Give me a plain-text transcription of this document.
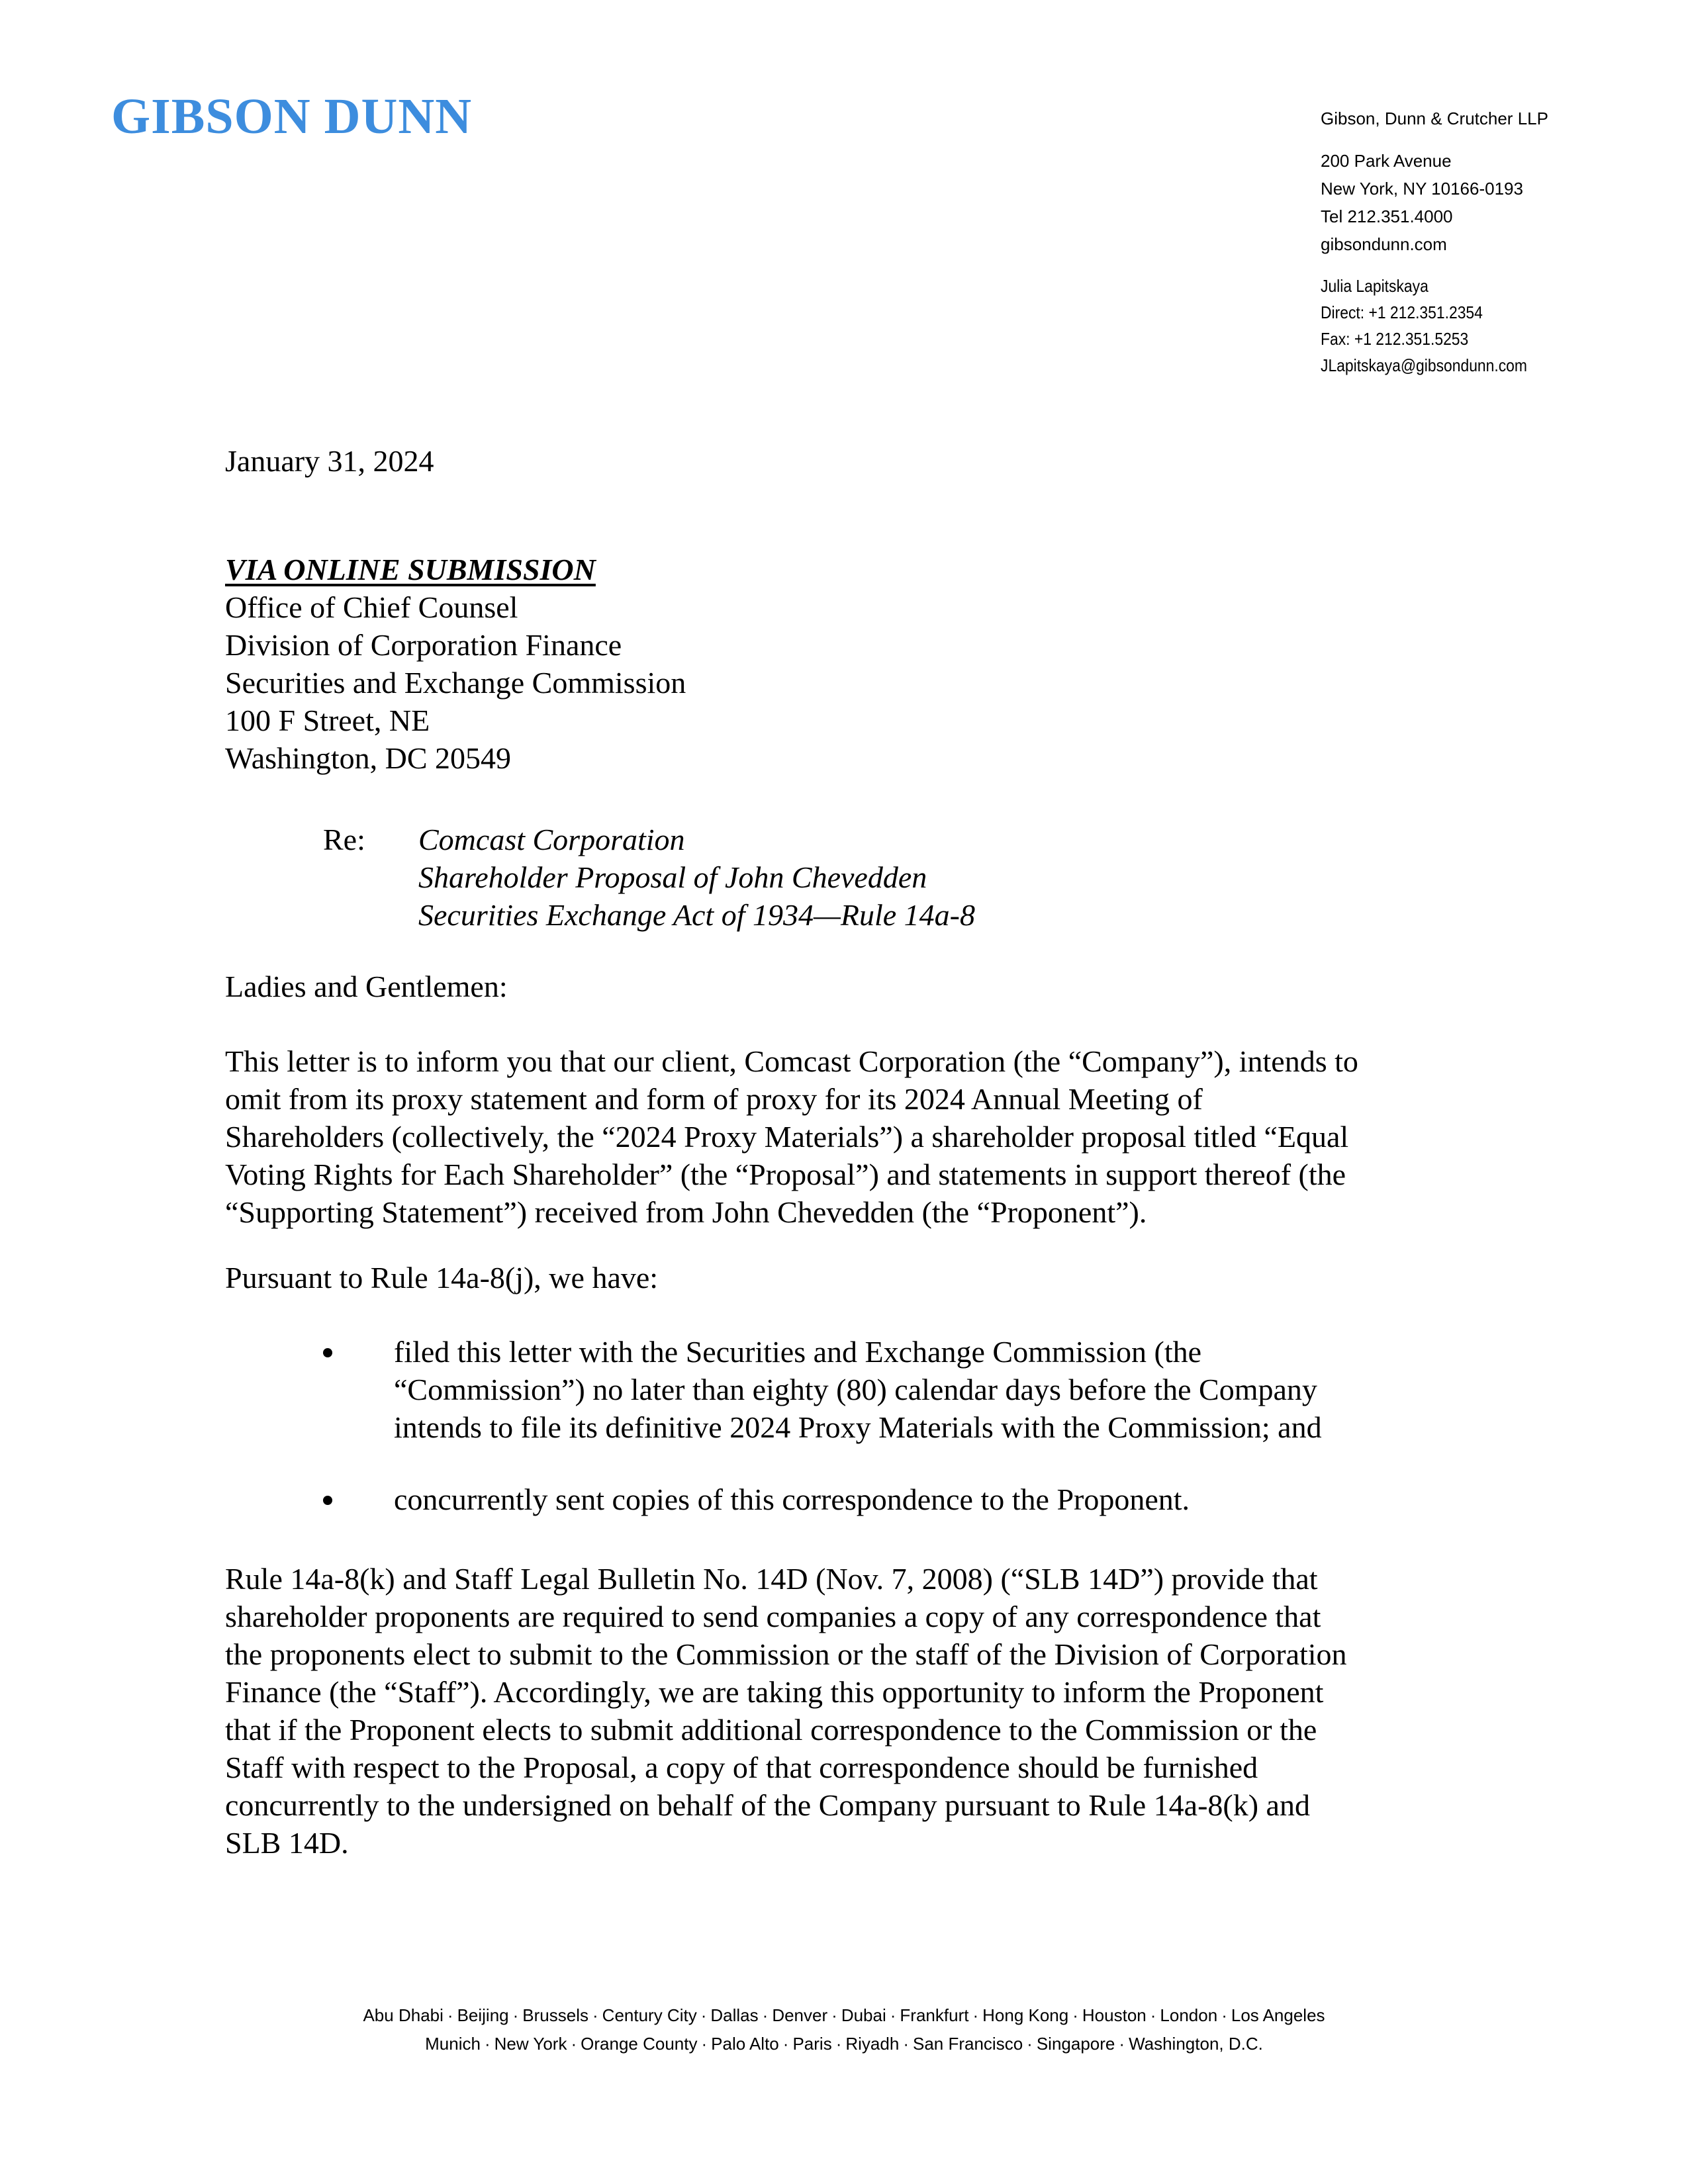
GIBSON DUNN	Gibson, Dunn & Crutcher LLP
200 Park Avenue
New York, NY 10166-0193
Tel 212.351.4000
gibsondunn.com
Julia Lapitskaya
Direct: +1 212.351.2354
Fax: +1 212.351.5253
JLapitskaya@gibsondunn.com

January 31, 2024

VIA ONLINE SUBMISSION
Office of Chief Counsel
Division of Corporation Finance
Securities and Exchange Commission
100 F Street, NE
Washington, DC 20549
Re:	Comcast Corporation
Shareholder Proposal of John Chevedden
Securities Exchange Act of 1934—Rule 14a-8

Ladies and Gentlemen:

This letter is to inform you that our client, Comcast Corporation (the “Company”), intends to
omit from its proxy statement and form of proxy for its 2024 Annual Meeting of
Shareholders (collectively, the “2024 Proxy Materials”) a shareholder proposal titled “Equal
Voting Rights for Each Shareholder” (the “Proposal”) and statements in support thereof (the
“Supporting Statement”) received from John Chevedden (the “Proponent”).

Pursuant to Rule 14a-8(j), we have:

filed this letter with the Securities and Exchange Commission (the
“Commission”) no later than eighty (80) calendar days before the Company
intends to file its definitive 2024 Proxy Materials with the Commission; and
concurrently sent copies of this correspondence to the Proponent.
Rule 14a-8(k) and Staff Legal Bulletin No. 14D (Nov. 7, 2008) (“SLB 14D”) provide that
shareholder proponents are required to send companies a copy of any correspondence that
the proponents elect to submit to the Commission or the staff of the Division of Corporation
Finance (the “Staff”). Accordingly, we are taking this opportunity to inform the Proponent
that if the Proponent elects to submit additional correspondence to the Commission or the
Staff with respect to the Proposal, a copy of that correspondence should be furnished
concurrently to the undersigned on behalf of the Company pursuant to Rule 14a-8(k) and
SLB 14D.
Abu Dhabi · Beijing · Brussels · Century City · Dallas · Denver · Dubai · Frankfurt · Hong Kong · Houston · London · Los Angeles
Munich · New York · Orange County · Palo Alto · Paris · Riyadh · San Francisco · Singapore · Washington, D.C.
